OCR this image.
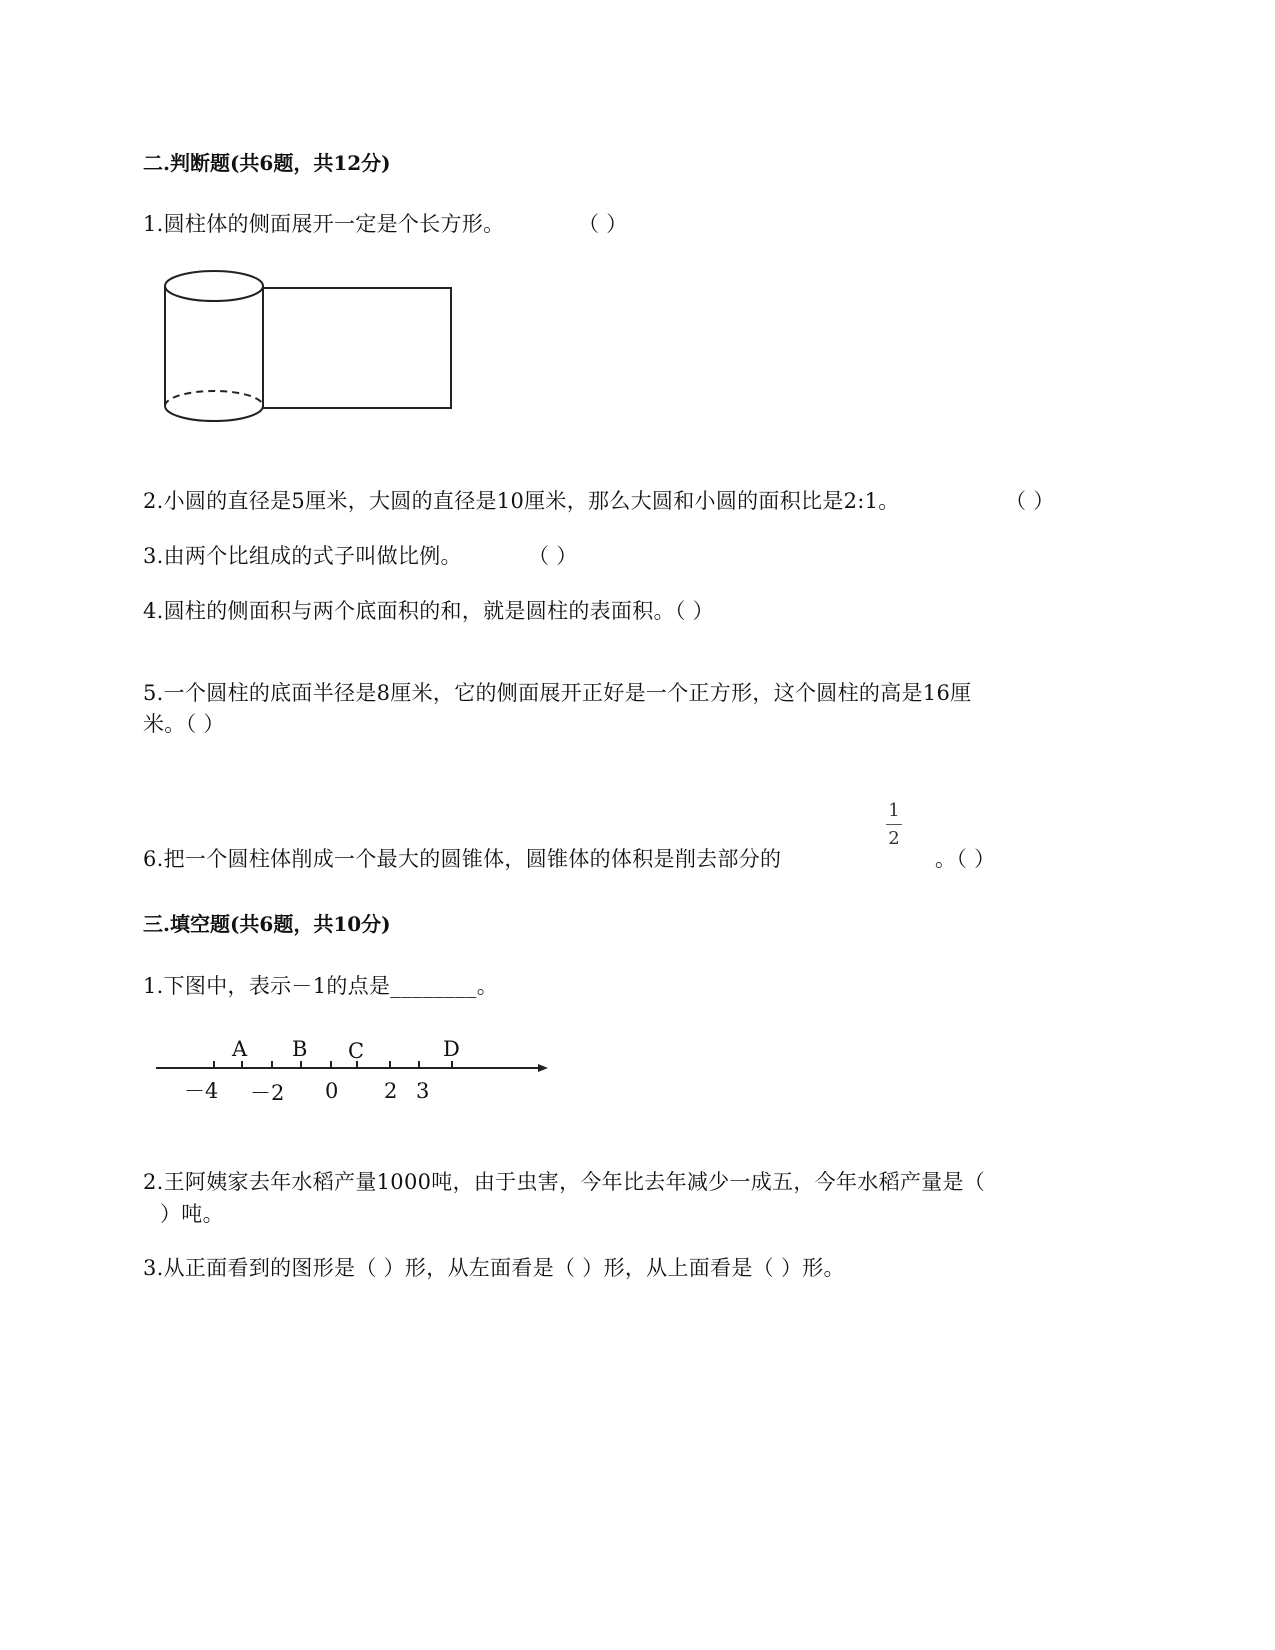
二.判断题(共6题，共12分)
1.圆柱体的侧面展开一定是个长方形。	（ ）
2.小圆的直径是5厘米，大圆的直径是10厘米，那么大圆和小圆的面积比是2:1。	（ ）
3.由两个比组成的式子叫做比例。	（ ）
4.圆柱的侧面积与两个底面积的和，就是圆柱的表面积。（ ）
5.一个圆柱的底面半径是8厘米，它的侧面展开正好是一个正方形，这个圆柱的高是16厘
米。（ ）
1
2
6.把一个圆柱体削成一个最大的圆锥体，圆锥体的体积是削去部分的	。（ ）
三.填空题(共6题，共10分)
1.下图中，表示－1的点是________。
A B C	D
－4 －2 0 2 3
2.王阿姨家去年水稻产量1000吨，由于虫害，今年比去年减少一成五，今年水稻产量是（
）吨。
3.从正面看到的图形是（ ）形，从左面看是（ ）形，从上面看是（ ）形。
